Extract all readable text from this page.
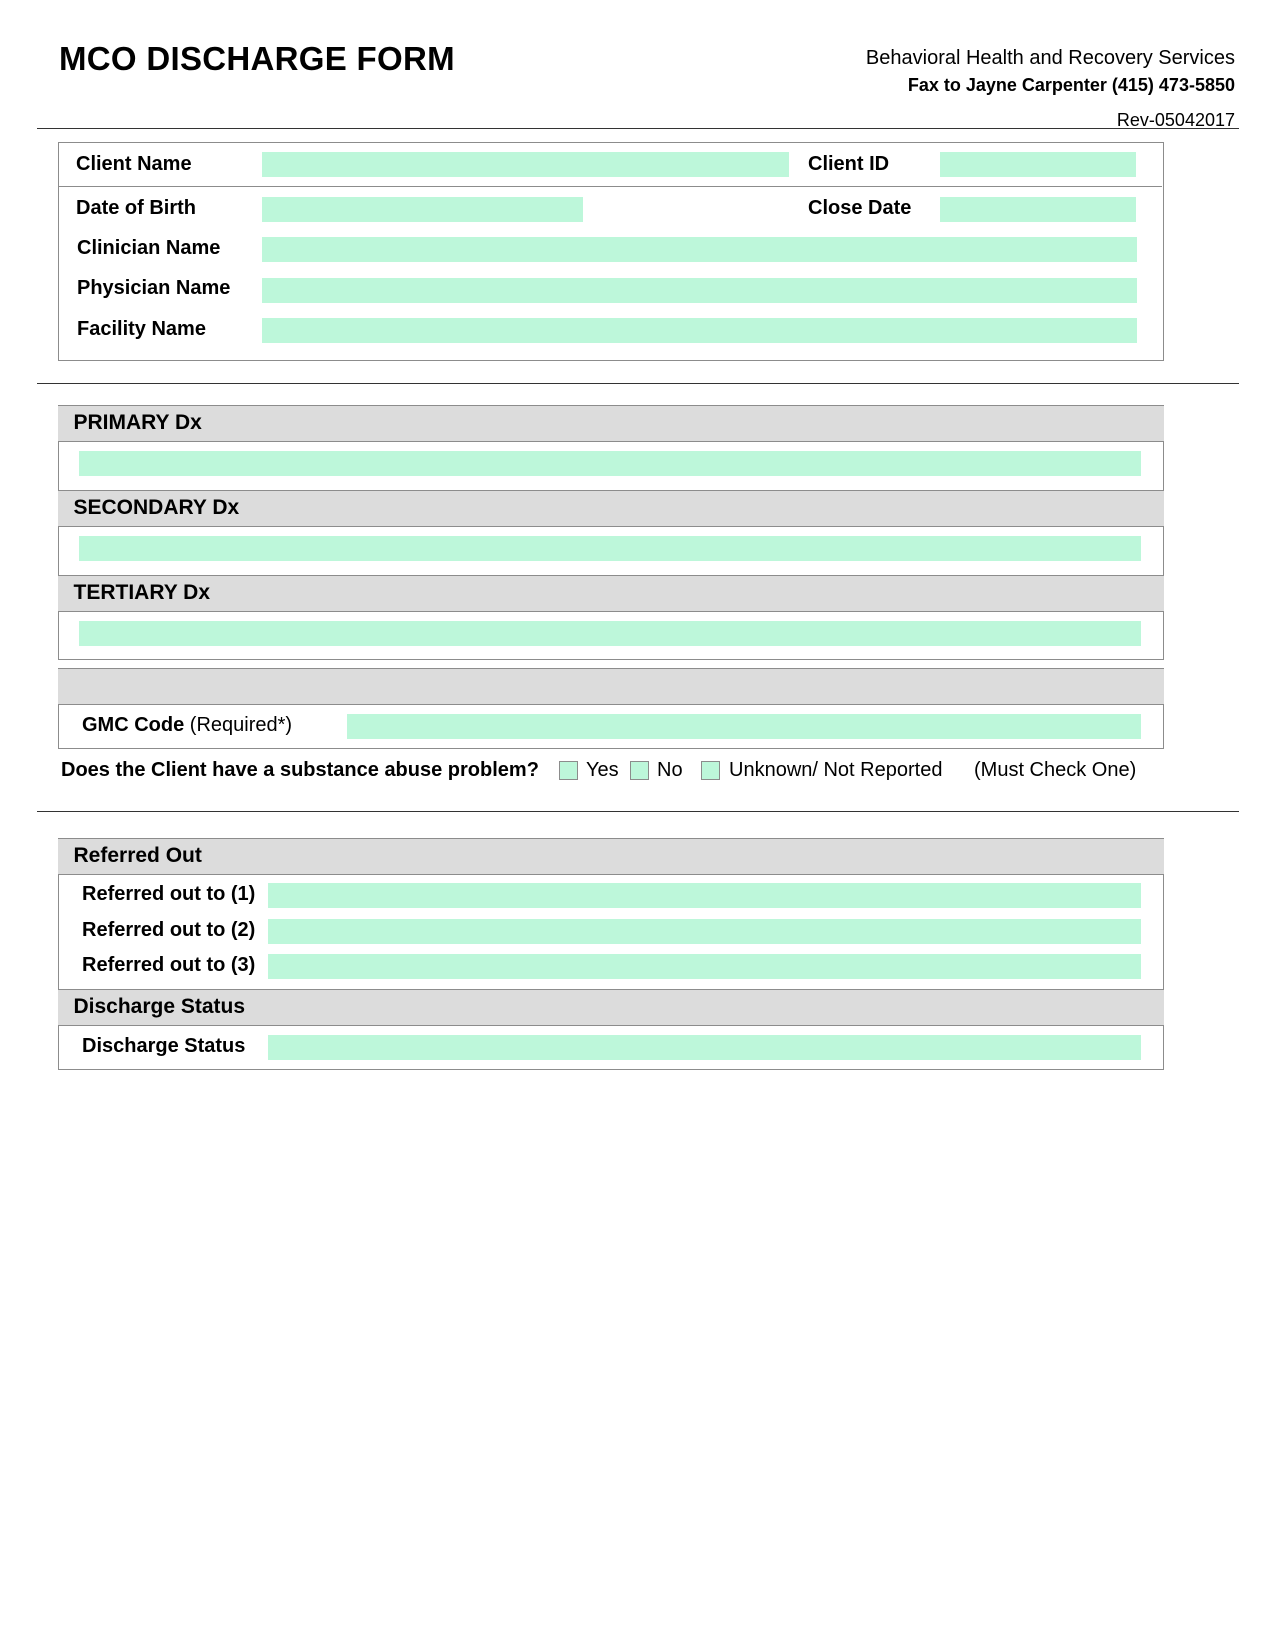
MCO DISCHARGE FORM	Behavioral Health and Recovery Services
Fax to Jayne Carpenter (415) 473-5850
Rev-05042017
Client Name	Client ID
Date of Birth	Close Date
Clinician Name
Physician Name
Facility Name
PRIMARY Dx
SECONDARY Dx
TERTIARY Dx
GMC Code (Required*)
Does the Client have a substance abuse problem? Yes No Unknown/ Not Reported (Must Check One)
Referred Out
Referred out to (1)
Referred out to (2)
Referred out to (3)
Discharge Status
Discharge Status
